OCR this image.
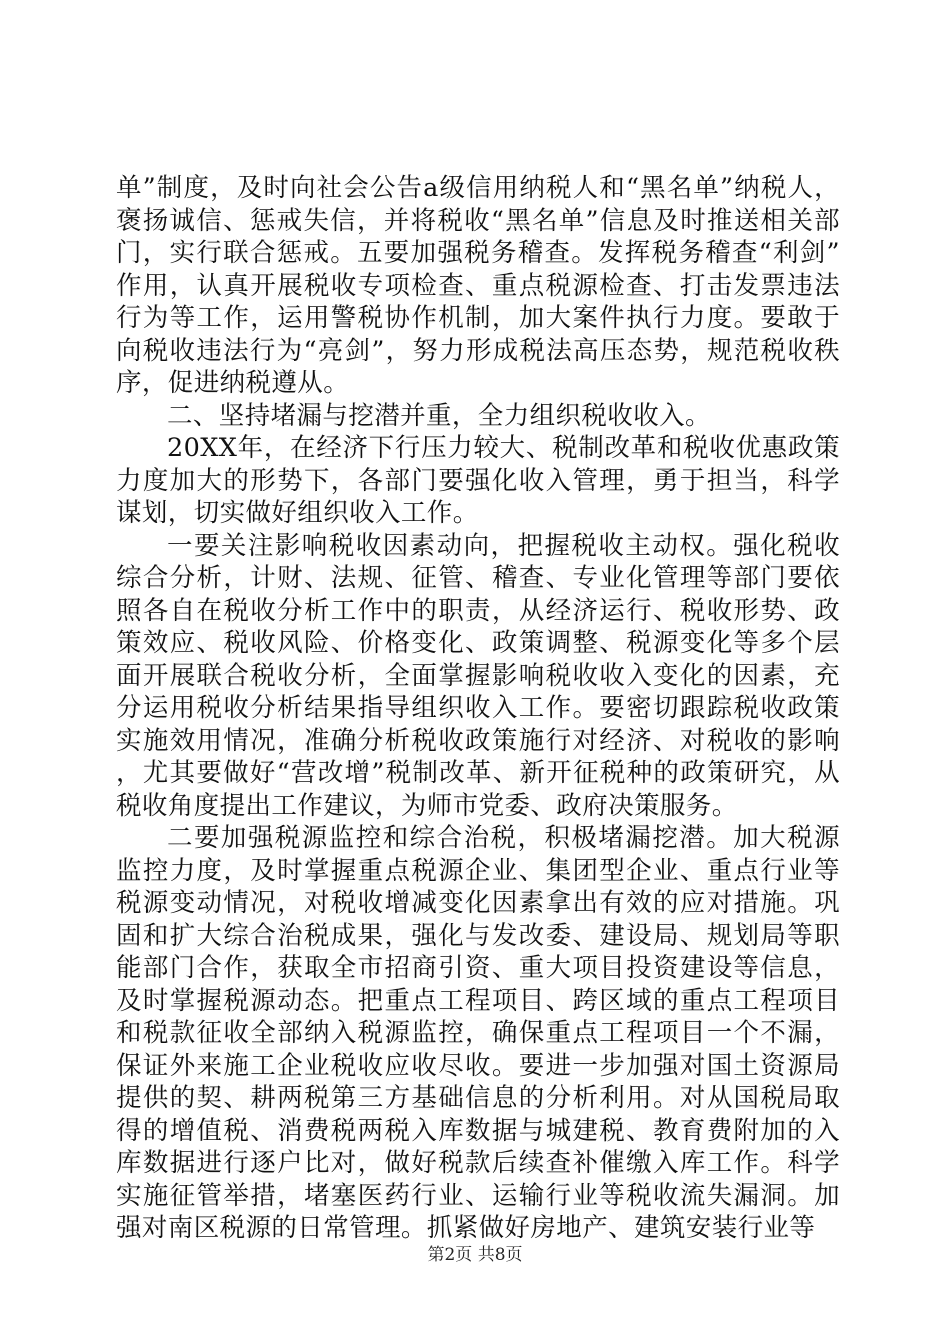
单”制度，及时向社会公告a级信用纳税人和“黑名单”纳税人，褒扬诚信、惩戒失信，并将税收“黑名单”信息及时推送相关部门，实行联合惩戒。五要加强税务稽查。发挥税务稽查“利剑”作用，认真开展税收专项检查、重点税源检查、打击发票违法行为等工作，运用警税协作机制，加大案件执行力度。要敢于向税收违法行为“亮剑”，努力形成税法高压态势，规范税收秩序，促进纳税遵从。

二、坚持堵漏与挖潜并重，全力组织税收收入。

20XX年，在经济下行压力较大、税制改革和税收优惠政策力度加大的形势下，各部门要强化收入管理，勇于担当，科学谋划，切实做好组织收入工作。

一要关注影响税收因素动向，把握税收主动权。强化税收综合分析，计财、法规、征管、稽查、专业化管理等部门要依照各自在税收分析工作中的职责，从经济运行、税收形势、政策效应、税收风险、价格变化、政策调整、税源变化等多个层面开展联合税收分析，全面掌握影响税收收入变化的因素，充分运用税收分析结果指导组织收入工作。要密切跟踪税收政策实施效用情况，准确分析税收政策施行对经济、对税收的影响，尤其要做好“营改增”税制改革、新开征税种的政策研究，从税收角度提出工作建议，为师市党委、政府决策服务。

二要加强税源监控和综合治税，积极堵漏挖潜。加大税源监控力度，及时掌握重点税源企业、集团型企业、重点行业等税源变动情况，对税收增减变化因素拿出有效的应对措施。巩固和扩大综合治税成果，强化与发改委、建设局、规划局等职能部门合作，获取全市招商引资、重大项目投资建设等信息，及时掌握税源动态。把重点工程项目、跨区域的重点工程项目和税款征收全部纳入税源监控，确保重点工程项目一个不漏，保证外来施工企业税收应收尽收。要进一步加强对国土资源局提供的契、耕两税第三方基础信息的分析利用。对从国税局取得的增值税、消费税两税入库数据与城建税、教育费附加的入库数据进行逐户比对，做好税款后续查补催缴入库工作。科学实施征管举措，堵塞医药行业、运输行业等税收流失漏洞。加强对南区税源的日常管理。抓紧做好房地产、建筑安装行业等

第2页 共8页
